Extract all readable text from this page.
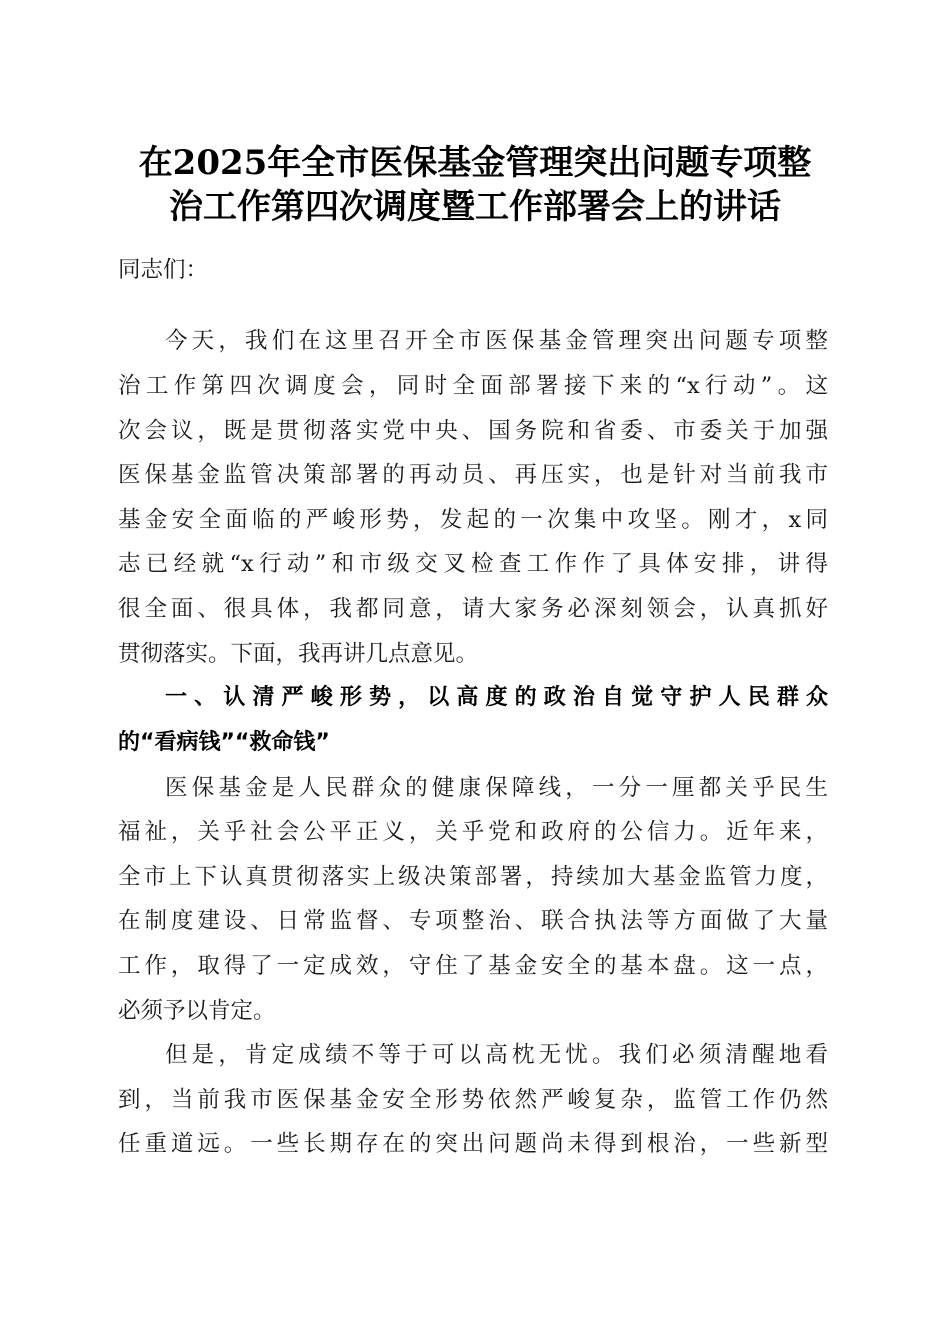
在2025年全市医保基金管理突出问题专项整
治工作第四次调度暨工作部署会上的讲话
同志们：
今天，我们在这里召开全市医保基金管理突出问题专项整
治工作第四次调度会，同时全面部署接下来的“x行动”。这
次会议，既是贯彻落实党中央、国务院和省委、市委关于加强
医保基金监管决策部署的再动员、再压实，也是针对当前我市
基金安全面临的严峻形势，发起的一次集中攻坚。刚才，x同
志已经就“x行动”和市级交叉检查工作作了具体安排，讲得
很全面、很具体，我都同意，请大家务必深刻领会，认真抓好
贯彻落实。下面，我再讲几点意见。
一、认清严峻形势，以高度的政治自觉守护人民群众
的“看病钱”“救命钱”
医保基金是人民群众的健康保障线，一分一厘都关乎民生
福祉，关乎社会公平正义，关乎党和政府的公信力。近年来，
全市上下认真贯彻落实上级决策部署，持续加大基金监管力度，
在制度建设、日常监督、专项整治、联合执法等方面做了大量
工作，取得了一定成效，守住了基金安全的基本盘。这一点，
必须予以肯定。
但是，肯定成绩不等于可以高枕无忧。我们必须清醒地看
到，当前我市医保基金安全形势依然严峻复杂，监管工作仍然
任重道远。一些长期存在的突出问题尚未得到根治，一些新型
